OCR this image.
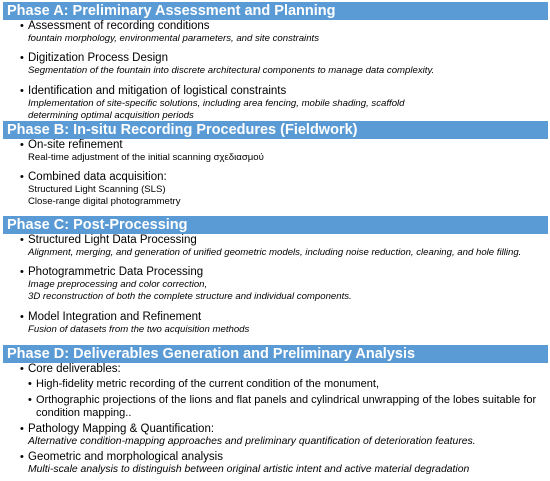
Phase A: Preliminary Assessment and Planning
• Assessment of recording conditions
fountain morphology, environmental parameters, and site constraints
• Digitization Process Design
Segmentation of the fountain into discrete architectural components to manage data complexity.
• Identification and mitigation of logistical constraints
Implementation of site-specific solutions, including area fencing, mobile shading, scaffold
determining optimal acquisition periods
Phase B: In-situ Recording Procedures (Fieldwork)
• On-site refinement
Real-time adjustment of the initial scanning σχεδιασμού
• Combined data acquisition:
Structured Light Scanning (SLS)
Close-range digital photogrammetry
Phase C: Post-Processing
• Structured Light Data Processing
Alignment, merging, and generation of unified geometric models, including noise reduction, cleaning, and hole filling.
• Photogrammetric Data Processing
Image preprocessing and color correction,
3D reconstruction of both the complete structure and individual components.
• Model Integration and Refinement
Fusion of datasets from the two acquisition methods
Phase D: Deliverables Generation and Preliminary Analysis
• Core deliverables:
• High-fidelity metric recording of the current condition of the monument,
• Orthographic projections of the lions and flat panels and cylindrical unwrapping of the lobes suitable for
condition mapping..
• Pathology Mapping & Quantification:
Alternative condition-mapping approaches and preliminary quantification of deterioration features.
• Geometric and morphological analysis
Multi-scale analysis to distinguish between original artistic intent and active material degradation
